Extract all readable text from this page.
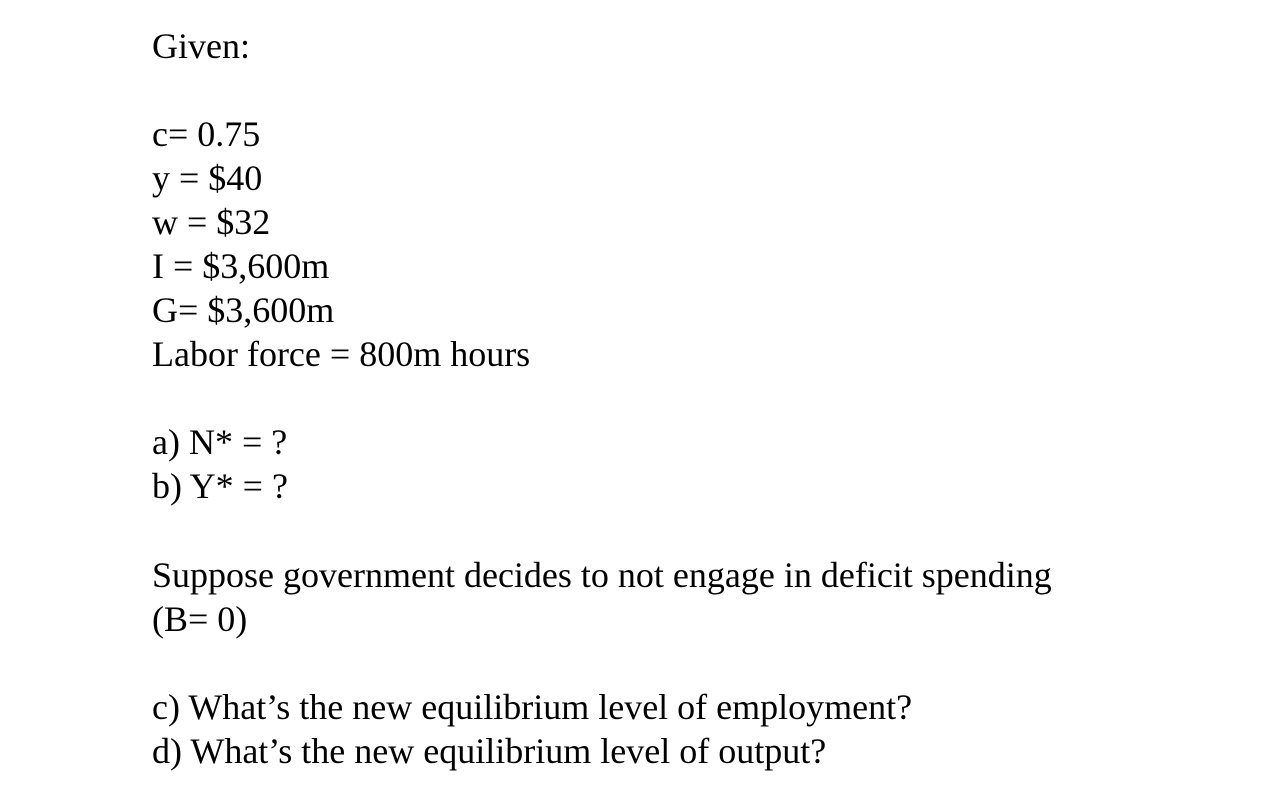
Given:
c= 0.75
y = $40
w = $32
I = $3,600m
G= $3,600m
Labor force = 800m hours
a) N* = ?
b) Y* = ?
Suppose government decides to not engage in deficit spending
(B= 0)
c) What’s the new equilibrium level of employment?
d) What’s the new equilibrium level of output?
